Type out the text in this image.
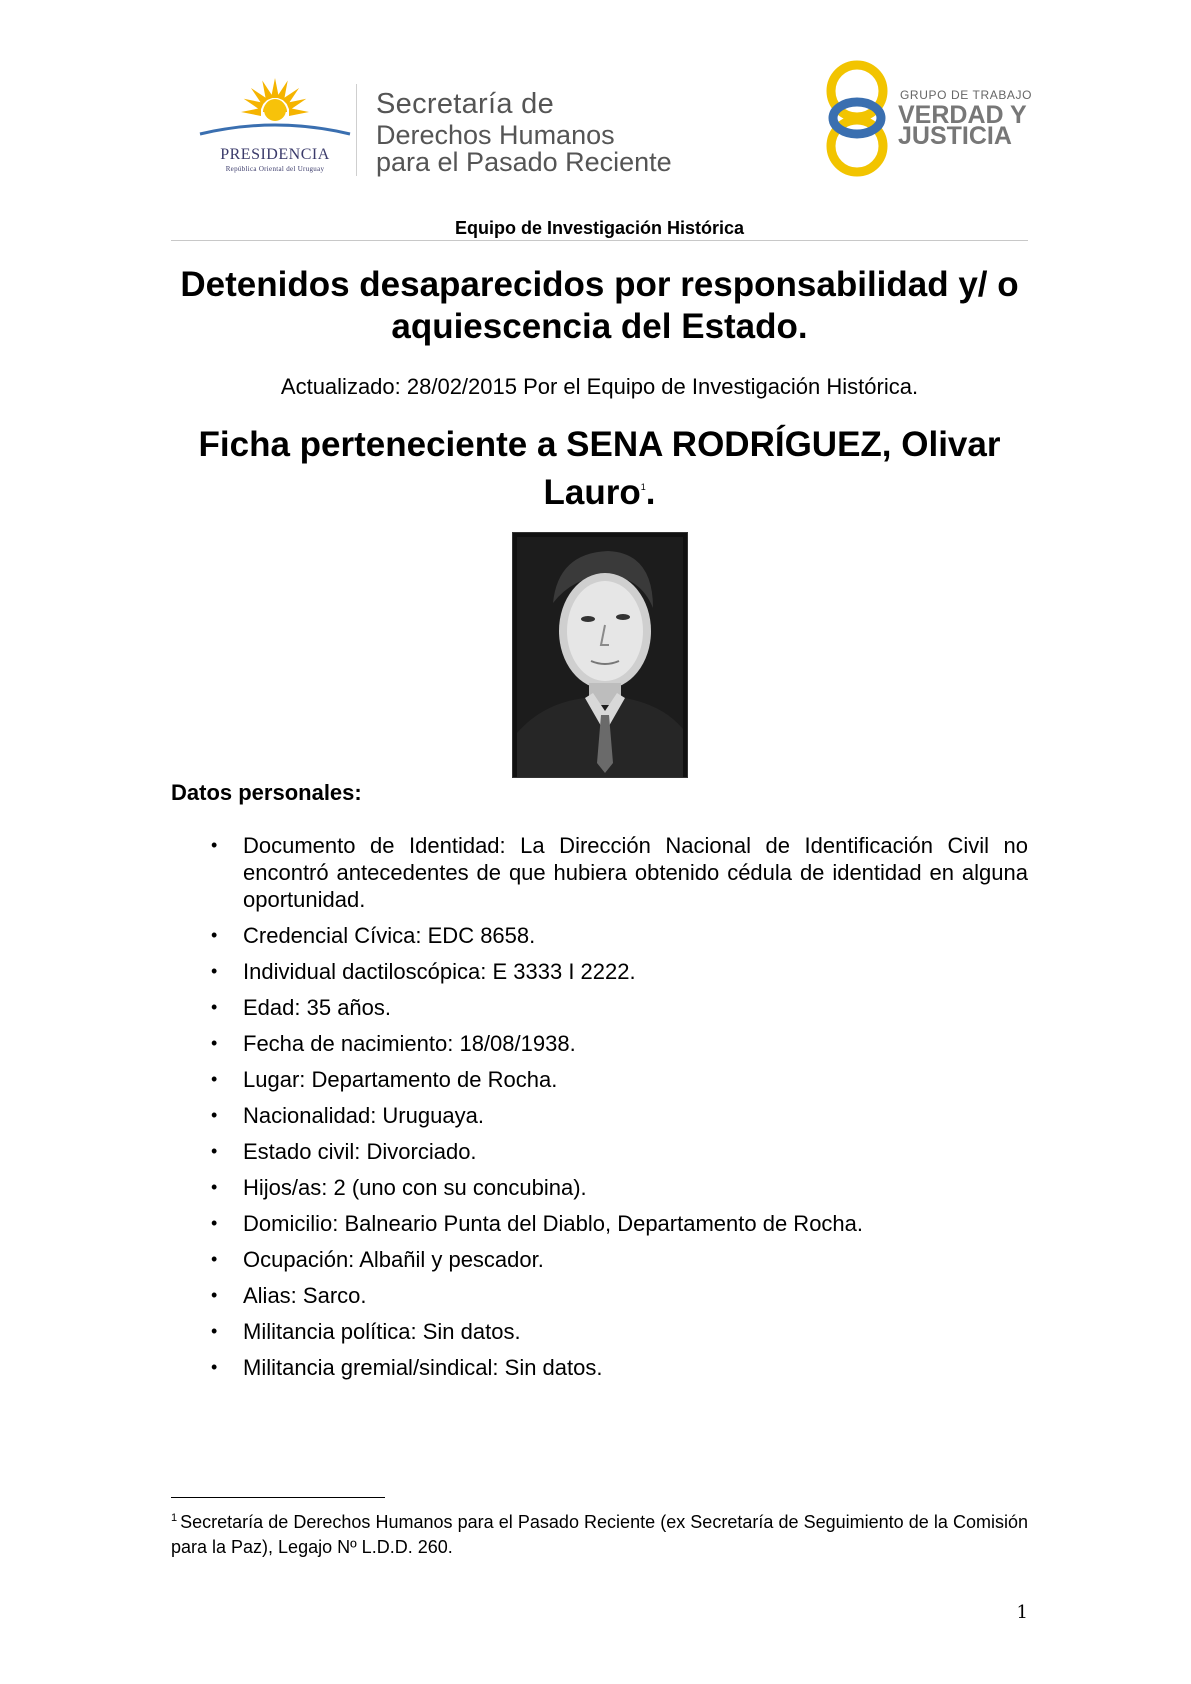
PRESIDENCIA
República Oriental del Uruguay
Secretaría de
Derechos Humanos
para el Pasado Reciente
GRUPO DE TRABAJO
VERDAD Y
JUSTICIA
Equipo de Investigación Histórica
Detenidos desaparecidos por responsabilidad y/ o aquiescencia del Estado.
Actualizado: 28/02/2015 Por el Equipo de Investigación Histórica.
Ficha perteneciente a SENA RODRÍGUEZ, Olivar Lauro$^1$.
Datos personales:
• Documento de Identidad: La Dirección Nacional de Identificación Civil no encontró antecedentes de que hubiera obtenido cédula de identidad en alguna oportunidad.
• Credencial Cívica: EDC 8658.
• Individual dactiloscópica: E 3333 I 2222.
• Edad: 35 años.
• Fecha de nacimiento: 18/08/1938.
• Lugar: Departamento de Rocha.
• Nacionalidad: Uruguaya.
• Estado civil: Divorciado.
• Hijos/as: 2 (uno con su concubina).
• Domicilio: Balneario Punta del Diablo, Departamento de Rocha.
• Ocupación: Albañil y pescador.
• Alias: Sarco.
• Militancia política: Sin datos.
• Militancia gremial/sindical: Sin datos.
$^1$ Secretaría de Derechos Humanos para el Pasado Reciente (ex Secretaría de Seguimiento de la Comisión para la Paz), Legajo Nº L.D.D. 260.
1
